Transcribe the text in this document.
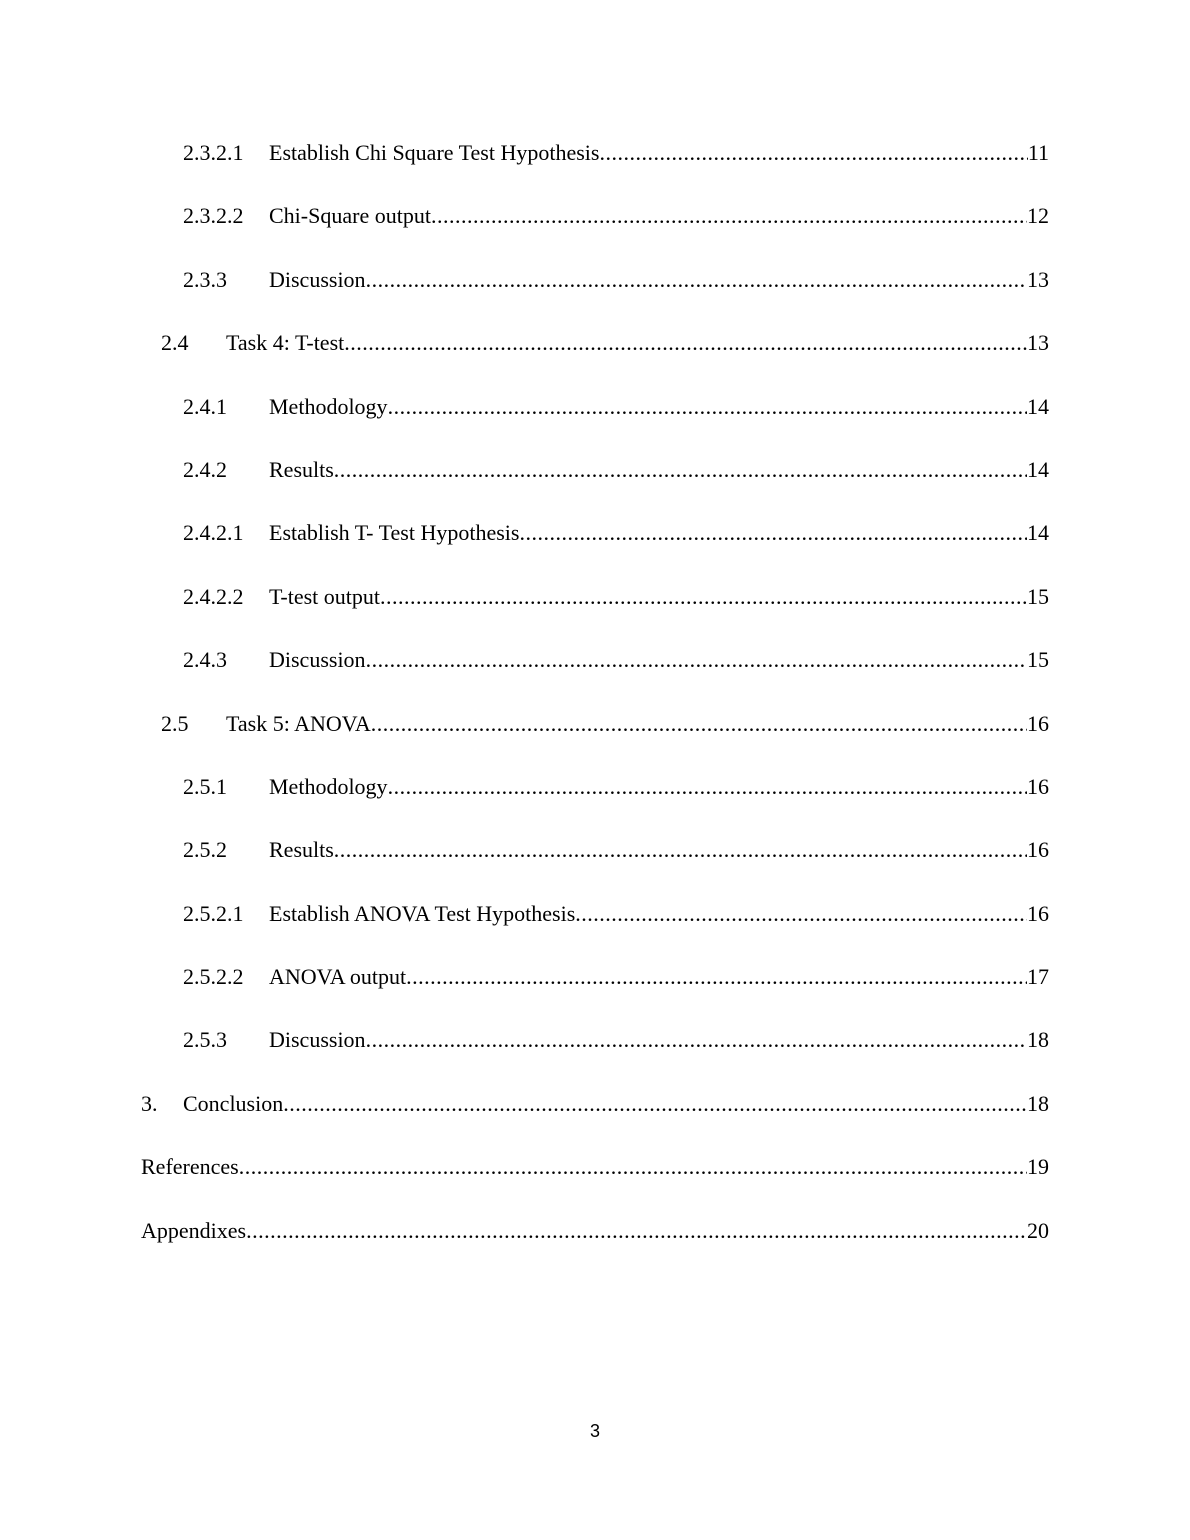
2.3.2.1	Establish Chi Square Test Hypothesis .....	11
2.3.2.2	Chi-Square output .....	12
2.3.3	Discussion .....	13
2.4	Task 4: T-test .....	13
2.4.1	Methodology .....	14
2.4.2	Results .....	14
2.4.2.1	Establish T- Test Hypothesis .....	14
2.4.2.2	T-test output .....	15
2.4.3	Discussion .....	15
2.5	Task 5: ANOVA .....	16
2.5.1	Methodology .....	16
2.5.2	Results .....	16
2.5.2.1	Establish ANOVA Test Hypothesis .....	16
2.5.2.2	ANOVA output .....	17
2.5.3	Discussion .....	18
3.	Conclusion .....	18
References .....	19
Appendixes .....	20
3
